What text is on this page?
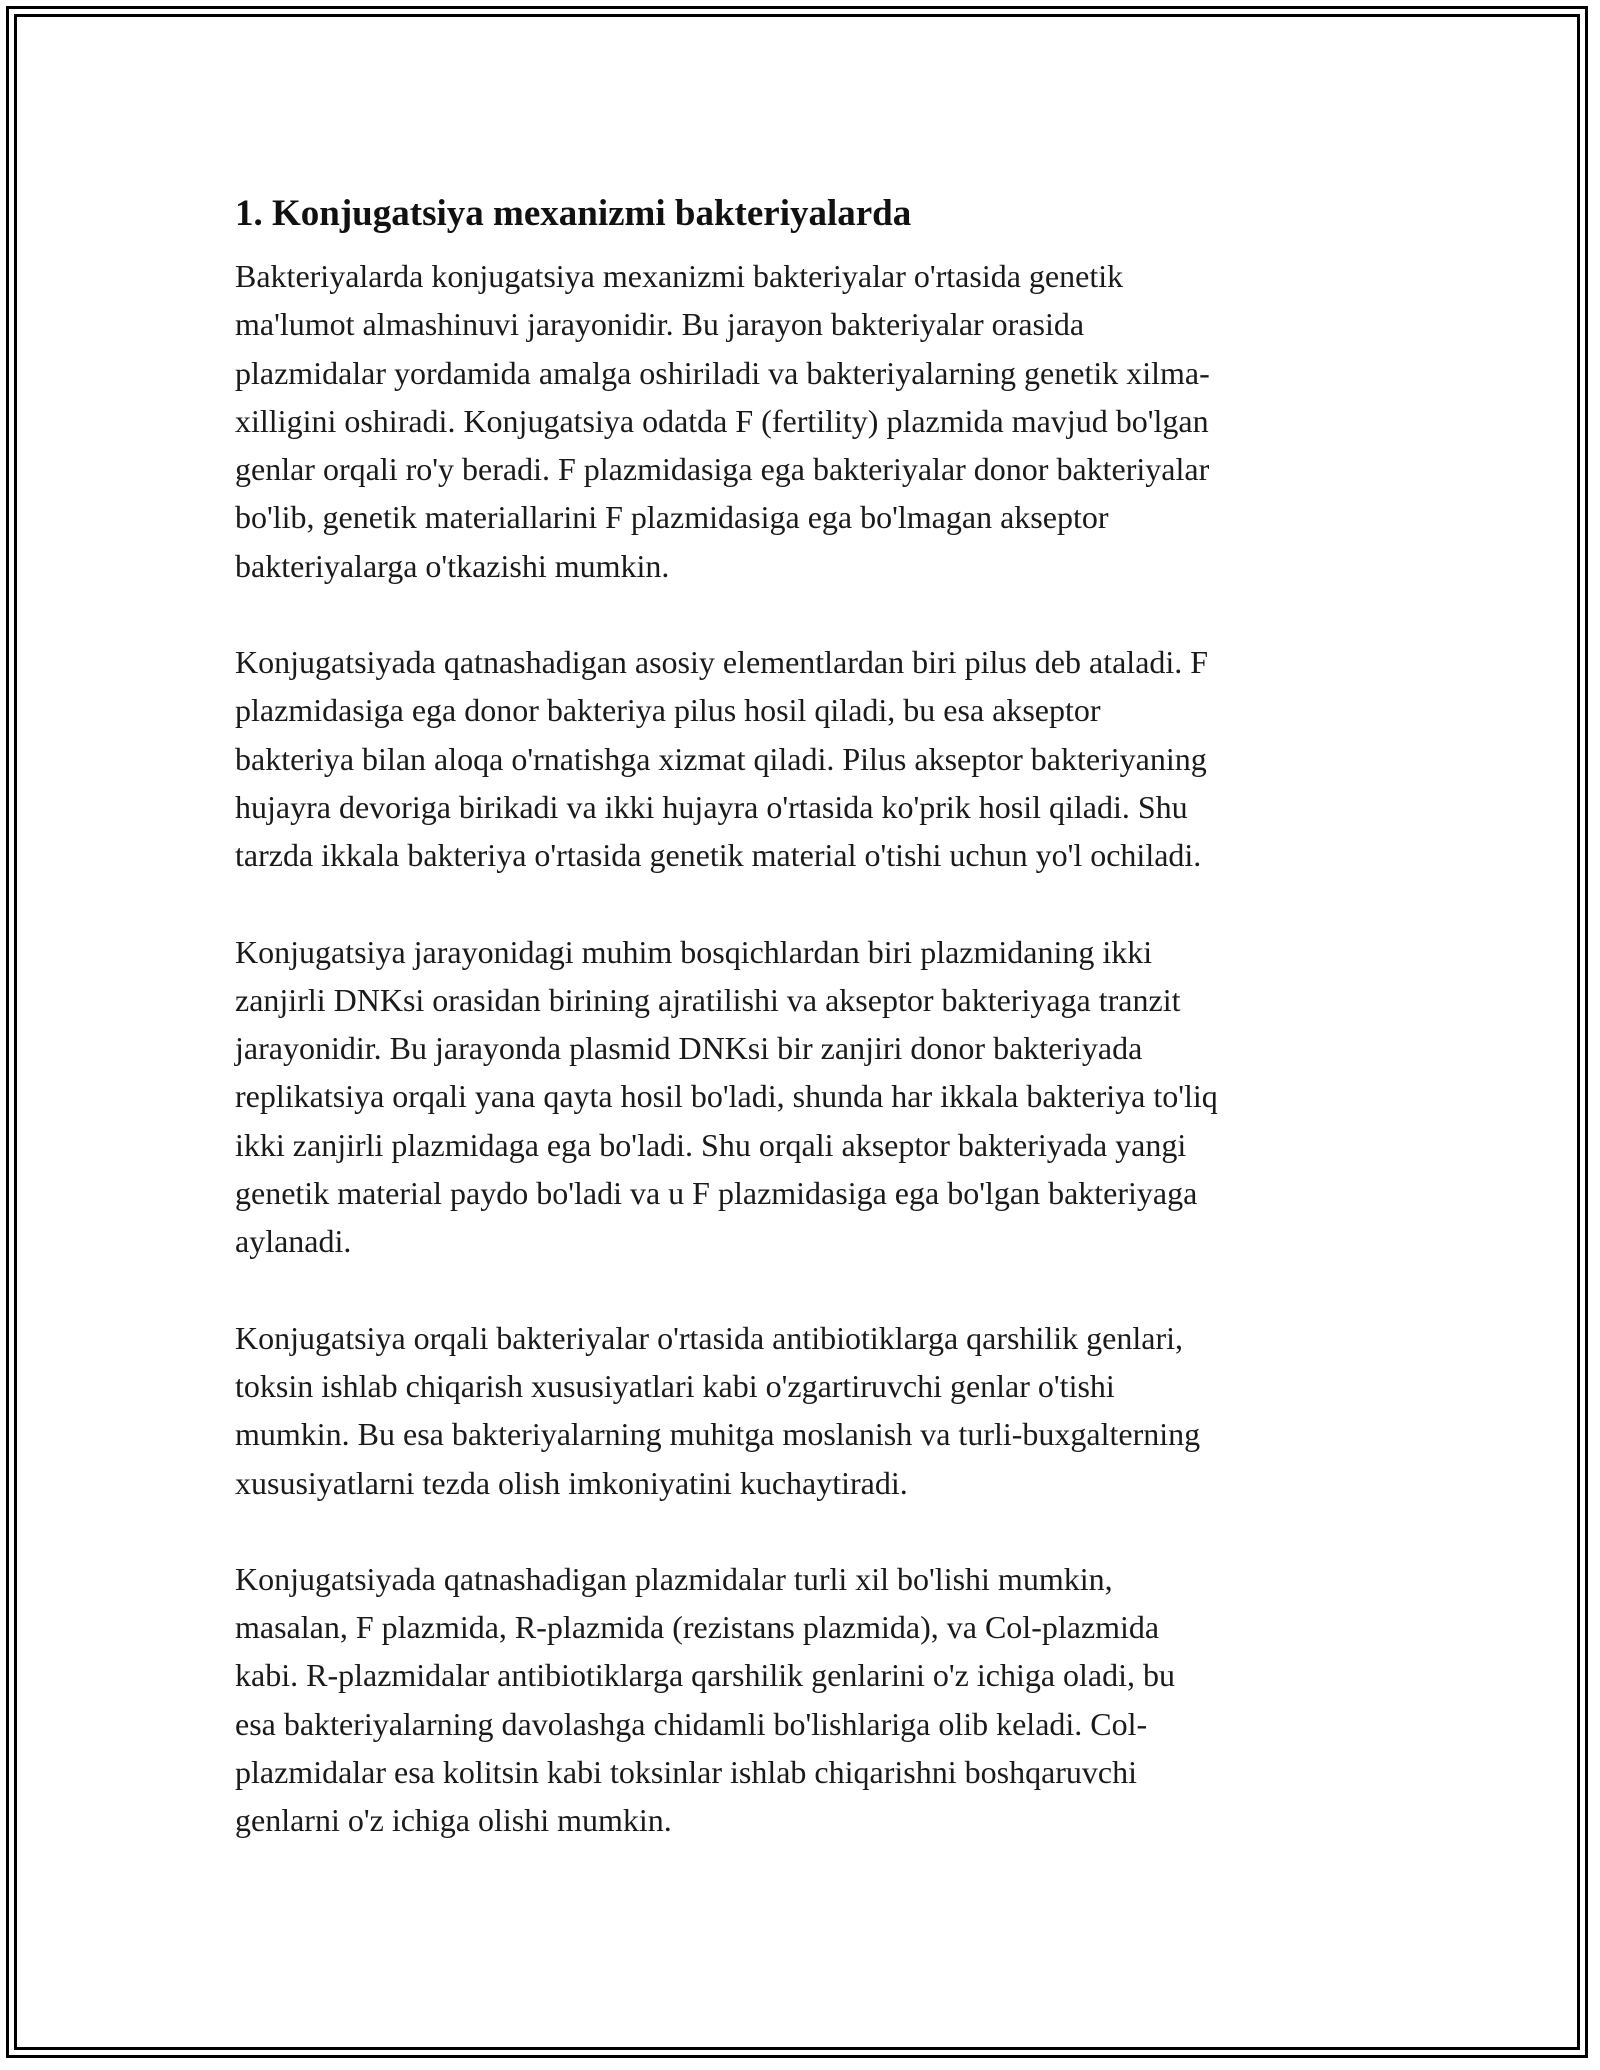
1. Konjugatsiya mexanizmi bakteriyalarda

Bakteriyalarda konjugatsiya mexanizmi bakteriyalar o'rtasida genetik
ma'lumot almashinuvi jarayonidir. Bu jarayon bakteriyalar orasida
plazmidalar yordamida amalga oshiriladi va bakteriyalarning genetik xilma-
xilligini oshiradi. Konjugatsiya odatda F (fertility) plazmida mavjud bo'lgan
genlar orqali ro'y beradi. F plazmidasiga ega bakteriyalar donor bakteriyalar
bo'lib, genetik materiallarini F plazmidasiga ega bo'lmagan akseptor
bakteriyalarga o'tkazishi mumkin.

Konjugatsiyada qatnashadigan asosiy elementlardan biri pilus deb ataladi. F
plazmidasiga ega donor bakteriya pilus hosil qiladi, bu esa akseptor
bakteriya bilan aloqa o'rnatishga xizmat qiladi. Pilus akseptor bakteriyaning
hujayra devoriga birikadi va ikki hujayra o'rtasida ko'prik hosil qiladi. Shu
tarzda ikkala bakteriya o'rtasida genetik material o'tishi uchun yo'l ochiladi.

Konjugatsiya jarayonidagi muhim bosqichlardan biri plazmidaning ikki
zanjirli DNKsi orasidan birining ajratilishi va akseptor bakteriyaga tranzit
jarayonidir. Bu jarayonda plasmid DNKsi bir zanjiri donor bakteriyada
replikatsiya orqali yana qayta hosil bo'ladi, shunda har ikkala bakteriya to'liq
ikki zanjirli plazmidaga ega bo'ladi. Shu orqali akseptor bakteriyada yangi
genetik material paydo bo'ladi va u F plazmidasiga ega bo'lgan bakteriyaga
aylanadi.

Konjugatsiya orqali bakteriyalar o'rtasida antibiotiklarga qarshilik genlari,
toksin ishlab chiqarish xususiyatlari kabi o'zgartiruvchi genlar o'tishi
mumkin. Bu esa bakteriyalarning muhitga moslanish va turli-buxgalterning
xususiyatlarni tezda olish imkoniyatini kuchaytiradi.

Konjugatsiyada qatnashadigan plazmidalar turli xil bo'lishi mumkin,
masalan, F plazmida, R-plazmida (rezistans plazmida), va Col-plazmida
kabi. R-plazmidalar antibiotiklarga qarshilik genlarini o'z ichiga oladi, bu
esa bakteriyalarning davolashga chidamli bo'lishlariga olib keladi. Col-
plazmidalar esa kolitsin kabi toksinlar ishlab chiqarishni boshqaruvchi
genlarni o'z ichiga olishi mumkin.
